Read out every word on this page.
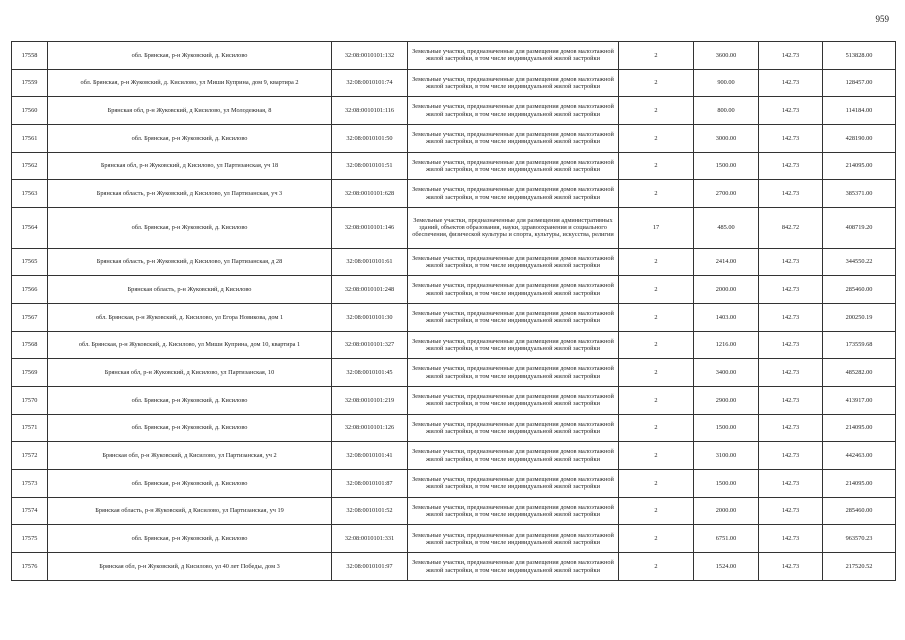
959
17558	обл. Брянская, р-н Жуковский, д. Кисилово	32:08:0010101:132	Земельные участки, предназначенные для размещения домов малоэтажной жилой застройки, в том числе индивидуальной жилой застройки	2	3600.00	142.73	513828.00
17559	обл. Брянская, р-н Жуковский, д. Кисилово, ул Миши Куприна, дом 9, квартира 2	32:08:0010101:74	Земельные участки, предназначенные для размещения домов малоэтажной жилой застройки, в том числе индивидуальной жилой застройки	2	900.00	142.73	128457.00
17560	Брянская обл, р-н Жуковский, д Кисилово, ул Молодежная, 8	32:08:0010101:116	Земельные участки, предназначенные для размещения домов малоэтажной жилой застройки, в том числе индивидуальной жилой застройки	2	800.00	142.73	114184.00
17561	обл. Брянская, р-н Жуковский, д. Кисилово	32:08:0010101:50	Земельные участки, предназначенные для размещения домов малоэтажной жилой застройки, в том числе индивидуальной жилой застройки	2	3000.00	142.73	428190.00
17562	Брянская обл, р-н Жуковский, д Кисилово, ул Партизанская, уч 18	32:08:0010101:51	Земельные участки, предназначенные для размещения домов малоэтажной жилой застройки, в том числе индивидуальной жилой застройки	2	1500.00	142.73	214095.00
17563	Брянская область, р-н Жуковский, д Кисилово, ул Партизанская, уч 3	32:08:0010101:628	Земельные участки, предназначенные для размещения домов малоэтажной жилой застройки, в том числе индивидуальной жилой застройки	2	2700.00	142.73	385371.00
17564	обл. Брянская, р-н Жуковский, д. Кисилово	32:08:0010101:146	Земельные участки, предназначенные для размещения административных зданий, объектов образования, науки, здравоохранения и социального обеспечения, физической культуры и спорта, культуры, искусства, религии	17	485.00	842.72	408719.20
17565	Брянская область, р-н Жуковский, д Кисилово, ул Партизанская, д 28	32:08:0010101:61	Земельные участки, предназначенные для размещения домов малоэтажной жилой застройки, в том числе индивидуальной жилой застройки	2	2414.00	142.73	344550.22
17566	Брянская область, р-н Жуковский, д Кисилово	32:08:0010101:248	Земельные участки, предназначенные для размещения домов малоэтажной жилой застройки, в том числе индивидуальной жилой застройки	2	2000.00	142.73	285460.00
17567	обл. Брянская, р-н Жуковский, д. Кисилово, ул Егора Новикова, дом 1	32:08:0010101:30	Земельные участки, предназначенные для размещения домов малоэтажной жилой застройки, в том числе индивидуальной жилой застройки	2	1403.00	142.73	200250.19
17568	обл. Брянская, р-н Жуковский, д. Кисилово, ул Миши Куприна, дом 10, квартира 1	32:08:0010101:327	Земельные участки, предназначенные для размещения домов малоэтажной жилой застройки, в том числе индивидуальной жилой застройки	2	1216.00	142.73	173559.68
17569	Брянская обл, р-н Жуковский, д Кисилово, ул Партизанская, 10	32:08:0010101:45	Земельные участки, предназначенные для размещения домов малоэтажной жилой застройки, в том числе индивидуальной жилой застройки	2	3400.00	142.73	485282.00
17570	обл. Брянская, р-н Жуковский, д. Кисилово	32:08:0010101:219	Земельные участки, предназначенные для размещения домов малоэтажной жилой застройки, в том числе индивидуальной жилой застройки	2	2900.00	142.73	413917.00
17571	обл. Брянская, р-н Жуковский, д. Кисилово	32:08:0010101:126	Земельные участки, предназначенные для размещения домов малоэтажной жилой застройки, в том числе индивидуальной жилой застройки	2	1500.00	142.73	214095.00
17572	Брянская обл, р-н Жуковский, д Кисилово, ул Партизанская, уч 2	32:08:0010101:41	Земельные участки, предназначенные для размещения домов малоэтажной жилой застройки, в том числе индивидуальной жилой застройки	2	3100.00	142.73	442463.00
17573	обл. Брянская, р-н Жуковский, д. Кисилово	32:08:0010101:87	Земельные участки, предназначенные для размещения домов малоэтажной жилой застройки, в том числе индивидуальной жилой застройки	2	1500.00	142.73	214095.00
17574	Брянская область, р-н Жуковский, д Кисилово, ул Партизанская, уч 19	32:08:0010101:52	Земельные участки, предназначенные для размещения домов малоэтажной жилой застройки, в том числе индивидуальной жилой застройки	2	2000.00	142.73	285460.00
17575	обл. Брянская, р-н Жуковский, д. Кисилово	32:08:0010101:331	Земельные участки, предназначенные для размещения домов малоэтажной жилой застройки, в том числе индивидуальной жилой застройки	2	6751.00	142.73	963570.23
17576	Брянская обл, р-н Жуковский, д Кисилово, ул 40 лет Победы, дом 3	32:08:0010101:97	Земельные участки, предназначенные для размещения домов малоэтажной жилой застройки, в том числе индивидуальной жилой застройки	2	1524.00	142.73	217520.52
